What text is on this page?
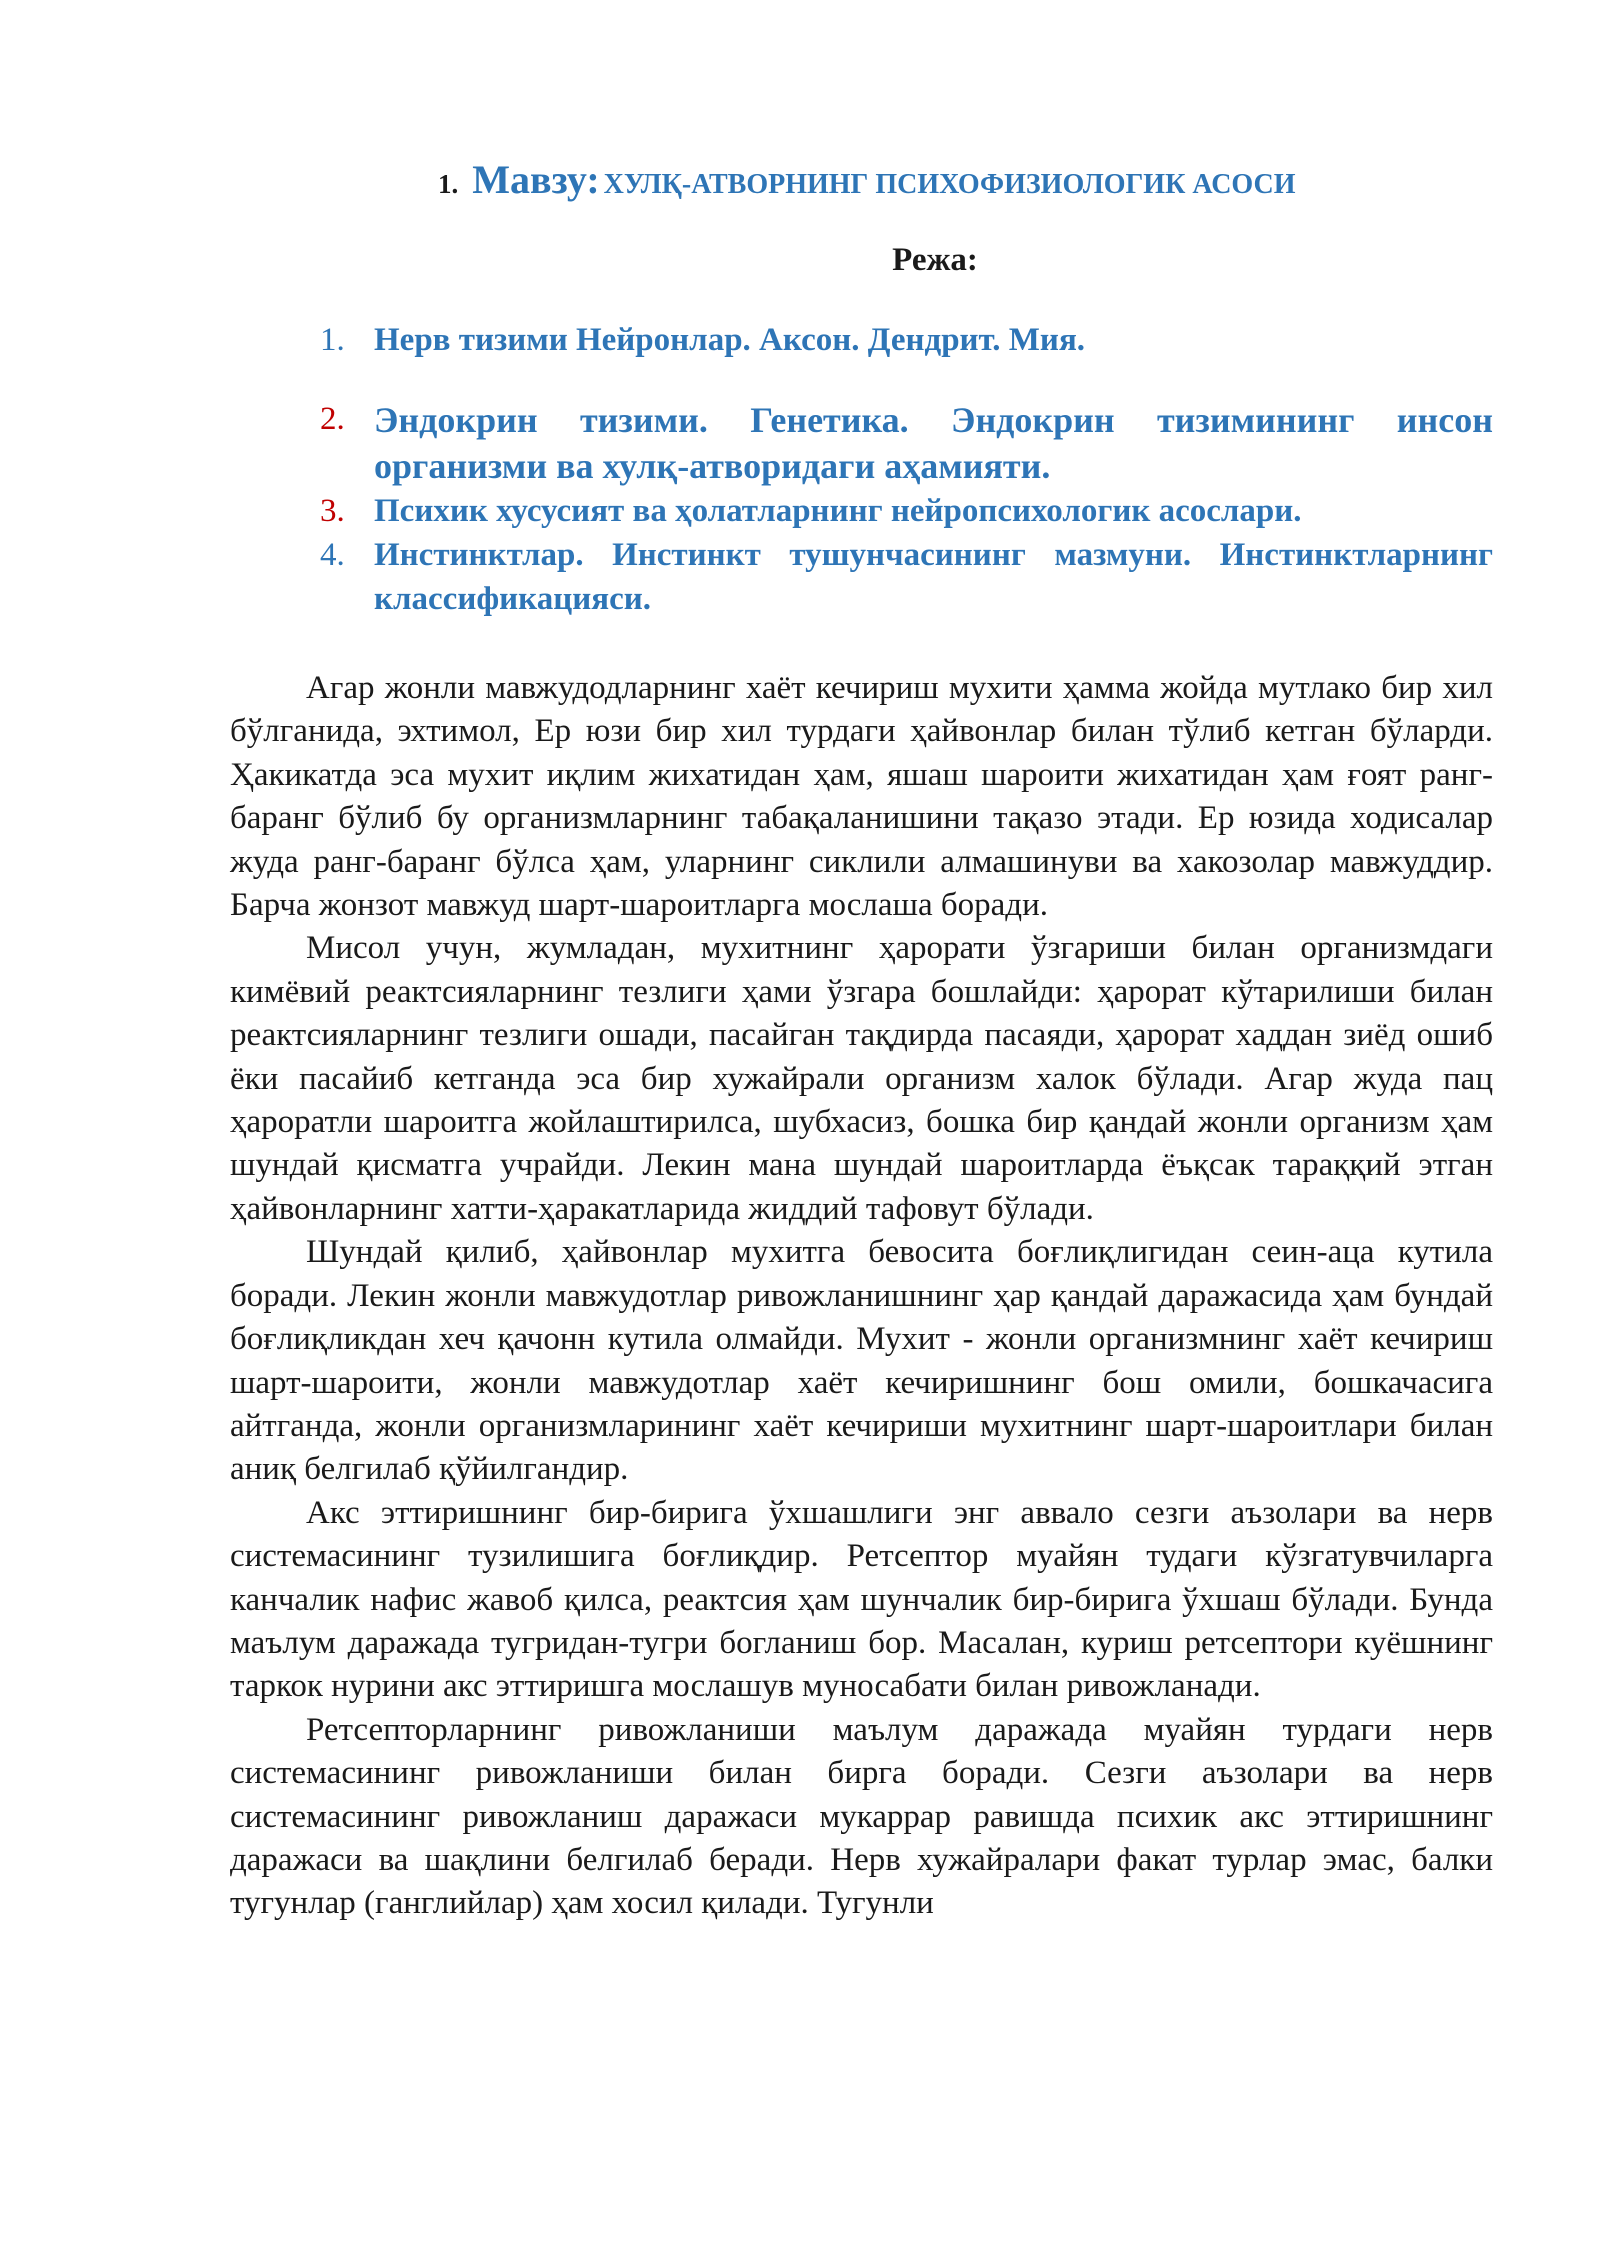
1. Мавзу: ХУЛҚ-АТВОРНИНГ ПСИХОФИЗИОЛОГИК АСОСИ
Режа:
1. Нерв тизими Нейронлар. Аксон. Дендрит. Мия.
2. Эндокрин тизими. Генетика. Эндокрин тизимининг инсон организми ва хулқ-атворидаги аҳамияти.
3. Психик хусусият ва ҳолатларнинг нейропсихологик асослари.
4. Инстинктлар. Инстинкт тушунчасининг мазмуни. Инстинктларнинг классификацияси.

Агар жонли мавжудодларнинг хаёт кечириш мухити ҳамма жойда мутлако бир хил бўлганида, эхтимол, Ер юзи бир хил турдаги ҳайвонлар билан тўлиб кетган бўларди. Ҳакикатда эса мухит иқлим жихатидан ҳам, яшаш шароити жихатидан ҳам ғоят ранг-баранг бўлиб бу организмларнинг табақаланишини тақазо этади. Ер юзида ходисалар жуда ранг-баранг бўлса ҳам, уларнинг сиклили алмашинуви ва хакозолар мавжуддир. Барча жонзот мавжуд шарт-шароитларга мослаша боради.

Мисол учун, жумладан, мухитнинг ҳарорати ўзгариши билан организмдаги кимёвий реактсияларнинг тезлиги ҳами ўзгара бошлайди: ҳарорат кўтарилиши билан реактсияларнинг тезлиги ошади, пасайган тақдирда пасаяди, ҳарорат хаддан зиёд ошиб ёки пасайиб кетганда эса бир хужайрали организм халок бўлади. Агар жуда пац ҳароратли шароитга жойлаштирилса, шубхасиз, бошка бир қандай жонли организм ҳам шундай қисматга учрайди. Лекин мана шундай шароитларда ёъқсак тараққий этган ҳайвонларнинг хатти-ҳаракатларида жиддий тафовут бўлади.

Шундай қилиб, ҳайвонлар мухитга бевосита боғлиқлигидан сеин-аца кутила боради. Лекин жонли мавжудотлар ривожланишнинг ҳар қандай даражасида ҳам бундай боғлиқликдан хеч қачонн кутила олмайди. Мухит - жонли организмнинг хаёт кечириш шарт-шароити, жонли мавжудотлар хаёт кечиришнинг бош омили, бошкачасига айтганда, жонли организмларининг хаёт кечириши мухитнинг шарт-шароитлари билан аниқ белгилаб қўйилгандир.

Акс эттиришнинг бир-бирига ўхшашлиги энг аввало сезги аъзолари ва нерв системасининг тузилишига боғлиқдир. Ретсептор муайян тудаги кўзгатувчиларга канчалик нафис жавоб қилса, реактсия ҳам шунчалик бир-бирига ўхшаш бўлади. Бунда маълум даражада тугридан-тугри богланиш бор. Масалан, куриш ретсептори куёшнинг таркок нурини акс эттиришга мослашув муносабати билан ривожланади.

Ретсепторларнинг ривожланиши маълум даражада муайян турдаги нерв системасининг ривожланиши билан бирга боради. Сезги аъзолари ва нерв системасининг ривожланиш даражаси мукаррар равишда психик акс эттиришнинг даражаси ва шақлини белгилаб беради. Нерв хужайралари факат турлар эмас, балки тугунлар (ганглийлар) ҳам хосил қилади. Тугунли
